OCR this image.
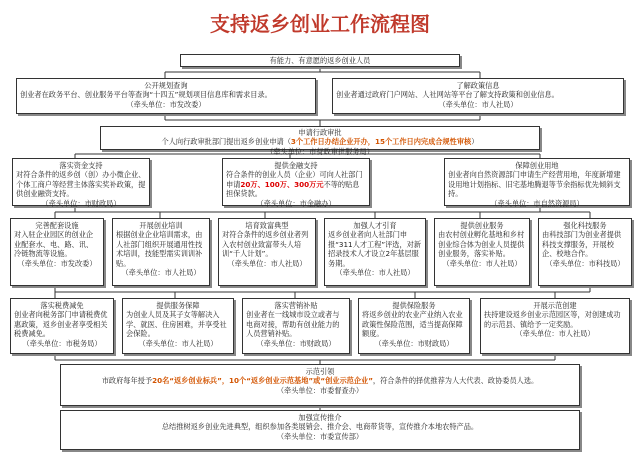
支持返乡创业工作流程图
有能力、有意愿的返乡创业人员
公开规划查询
创业者在政务平台、创业服务平台等查询“十四五”规划项目信息库和需求目录。
（牵头单位：市发改委）
了解政策信息
创业者通过政府门户网站、人社网站等平台了解支持政策和创业信息。
（牵头单位：市人社局）
申请行政审批
个人向行政审批部门提出返乡创业申请（3个工作日办结企业开办，15个工作日内完成合规性审核）
（牵头单位：市行政审批服务局）
落实资金支持
对符合条件的返乡创（创）办小微企业、个体工商户等经营主体落实奖补政策，提供创业融资支持。
（牵头单位：市财政局）
提供金融支持
符合条件的创业人员（企业）可向人社部门申请20万、100万、300万元不等的贴息担保贷款。
（牵头单位：市金融办）
保障创业用地
创业者向自然资源部门申请生产经营用地，年度新增建设用地计划指标、旧宅基地腾退等节余指标优先倾斜支持。
（牵头单位：市自然资源局）
完善配套设施
对入驻企业园区的创业企业配套水、电、路、讯、冷链物流等设施。
（牵头单位：市发改委）
开展创业培训
根据创业企业培训需求，由人社部门组织开展通用性技术培训，技能型需实训训补贴。
（牵头单位：市人社局）
培育致富典型
对符合条件的返乡创业者列入农村创业致富带头人培训“千人计划”。
（牵头单位：市人社局）
加强人才引育
返乡创业者向人社部门申报“311人才工程”评选，对新招录技术人才设立2年基层服务期。
（牵头单位：市人社局）
提供创业服务
由农村创业孵化基地和乡村创业综合体为创业人员提供创业服务，落实补贴。
（牵头单位：市人社局）
强化科技服务
由科技部门为创业者提供科技支撑服务，开展校企、校地合作。
（牵头单位：市科技局）
落实税费减免
创业者向税务部门申请税费优惠政策，返乡创业者享受相关税费减免。
（牵头单位：市税务局）
提供服务保障
为创业人员及其子女等解决入学、就医、住房困难，并享受社会保险。
（牵头单位：市人社局）
落实营销补贴
创业者在一线城市设立或者与电商对接，帮助有创业能力的人员营销补贴。
（牵头单位：市财政局）
提供保险服务
将返乡创业的农业产业纳入农业政策性保险范围，适当提高保障额度。
（牵头单位：市财政局）
开展示范创建
扶持建设返乡创业示范园区等，对创建成功的示范县、镇给予一定奖励。
（牵头单位：市人社局）
示范引领
市政府每年授予20名“返乡创业标兵”，10个“返乡创业示范基地”或“创业示范企业”，符合条件的择优推荐为人大代表、政协委员人选。
（牵头单位：市委督查办）
加强宣传推介
总结推树返乡创业先进典型，组织参加各类展销会、推介会、电商带货等，宣传推介本地农特产品。
（牵头单位：市委宣传部）
